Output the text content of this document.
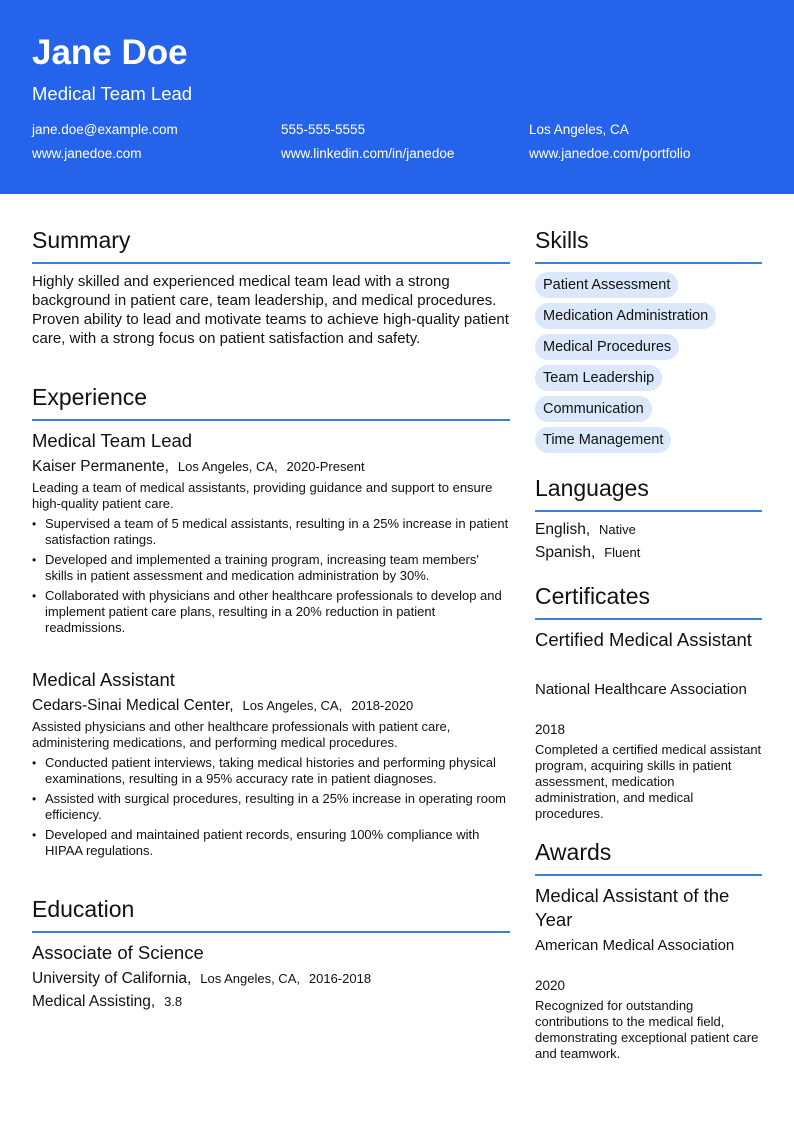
Jane Doe
Medical Team Lead
jane.doe@example.com	555-555-5555	Los Angeles, CA
www.janedoe.com	www.linkedin.com/in/janedoe	www.janedoe.com/portfolio
Summary
Highly skilled and experienced medical team lead with a strong background in patient care, team leadership, and medical procedures. Proven ability to lead and motivate teams to achieve high-quality patient care, with a strong focus on patient satisfaction and safety.
Experience
Medical Team Lead
Kaiser Permanente, Los Angeles, CA, 2020-Present
Leading a team of medical assistants, providing guidance and support to ensure high-quality patient care.
• Supervised a team of 5 medical assistants, resulting in a 25% increase in patient satisfaction ratings.
• Developed and implemented a training program, increasing team members' skills in patient assessment and medication administration by 30%.
• Collaborated with physicians and other healthcare professionals to develop and implement patient care plans, resulting in a 20% reduction in patient readmissions.
Medical Assistant
Cedars-Sinai Medical Center, Los Angeles, CA, 2018-2020
Assisted physicians and other healthcare professionals with patient care, administering medications, and performing medical procedures.
• Conducted patient interviews, taking medical histories and performing physical examinations, resulting in a 95% accuracy rate in patient diagnoses.
• Assisted with surgical procedures, resulting in a 25% increase in operating room efficiency.
• Developed and maintained patient records, ensuring 100% compliance with HIPAA regulations.
Education
Associate of Science
University of California, Los Angeles, CA, 2016-2018
Medical Assisting, 3.8
Skills
Patient Assessment
Medication Administration
Medical Procedures
Team Leadership
Communication
Time Management
Languages
English, Native
Spanish, Fluent
Certificates
Certified Medical Assistant
National Healthcare Association
2018
Completed a certified medical assistant program, acquiring skills in patient assessment, medication administration, and medical procedures.
Awards
Medical Assistant of the Year
American Medical Association
2020
Recognized for outstanding contributions to the medical field, demonstrating exceptional patient care and teamwork.
